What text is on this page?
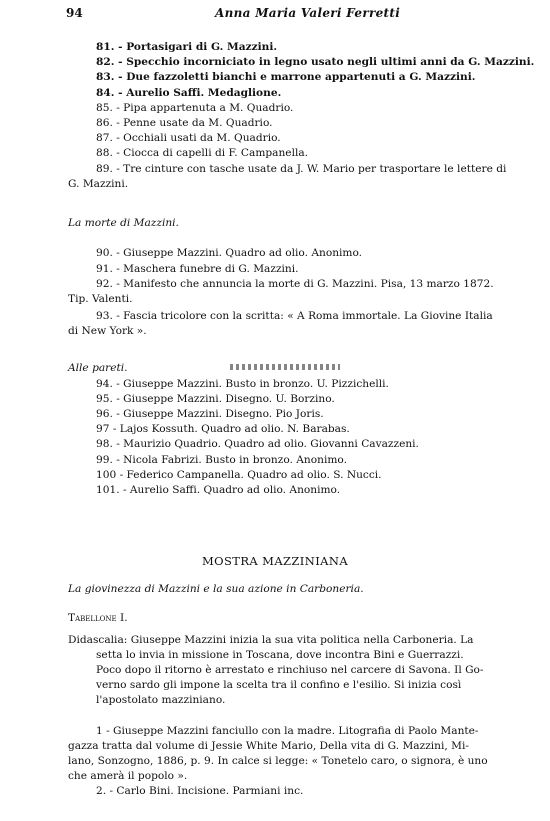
94	Anna Maria Valeri Ferretti
81. - Portasigari di G. Mazzini.
82. - Specchio incorniciato in legno usato negli ultimi anni da G. Mazzini.
83. - Due fazzoletti bianchi e marrone appartenuti a G. Mazzini.
84. - Aurelio Saffi. Medaglione.
85. - Pipa appartenuta a M. Quadrio.
86. - Penne usate da M. Quadrio.
87. - Occhiali usati da M. Quadrio.
88. - Ciocca di capelli di F. Campanella.
89. - Tre cinture con tasche usate da J. W. Mario per trasportare le lettere di
G. Mazzini.
La morte di Mazzini.
90. - Giuseppe Mazzini. Quadro ad olio. Anonimo.
91. - Maschera funebre di G. Mazzini.
92. - Manifesto che annuncia la morte di G. Mazzini. Pisa, 13 marzo 1872.
Tip. Valenti.
93. - Fascia tricolore con la scritta: « A Roma immortale. La Giovine Italia
di New York ».
Alle pareti.
94. - Giuseppe Mazzini. Busto in bronzo. U. Pizzichelli.
95. - Giuseppe Mazzini. Disegno. U. Borzino.
96. - Giuseppe Mazzini. Disegno. Pio Joris.
97 - Lajos Kossuth. Quadro ad olio. N. Barabas.
98. - Maurizio Quadrio. Quadro ad olio. Giovanni Cavazzeni.
99. - Nicola Fabrizi. Busto in bronzo. Anonimo.
100 - Federico Campanella. Quadro ad olio. S. Nucci.
101. - Aurelio Saffi. Quadro ad olio. Anonimo.
MOSTRA MAZZINIANA
La giovinezza di Mazzini e la sua azione in Carboneria.
Tabellone I.
Didascalia: Giuseppe Mazzini inizia la sua vita politica nella Carboneria. La
setta lo invia in missione in Toscana, dove incontra Bini e Guerrazzi.
Poco dopo il ritorno è arrestato e rinchiuso nel carcere di Savona. Il Go-
verno sardo gli impone la scelta tra il confino e l'esilio. Si inizia così
l'apostolato mazziniano.
1 - Giuseppe Mazzini fanciullo con la madre. Litografia di Paolo Mante-
gazza tratta dal volume di Jessie White Mario, Della vita di G. Mazzini, Mi-
lano, Sonzogno, 1886, p. 9. In calce si legge: « Tonetelo caro, o signora, è uno
che amerà il popolo ».
2. - Carlo Bini. Incisione. Parmiani inc.
